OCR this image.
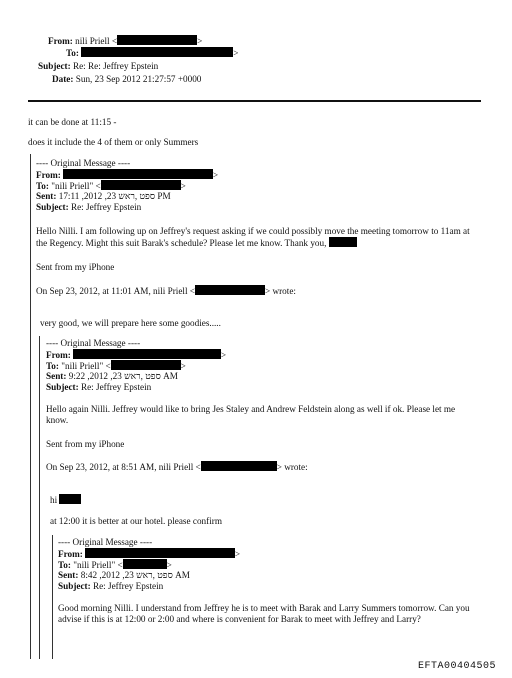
From: nili Priell <	>
To:	>
Subject: Re: Re: Jeffrey Epstein
Date: Sun, 23 Sep 2012 21:27:57 +0000
it can be done at 11:15 -
does it include the 4 of them or only Summers
---- Original Message ----
From:	>
To: "nili Priell" <	>
Sent: 17:11 ,2012 ,23 ספט ,ראש PM
Subject: Re: Jeffrey Epstein
Hello Nilli. I am following up on Jeffrey's request asking if we could possibly move the meeting tomorrow to 11am at the Regency. Might this suit Barak's schedule? Please let me know. Thank you,
Sent from my iPhone
On Sep 23, 2012, at 11:01 AM, nili Priell <	> wrote:
very good, we will prepare here some goodies.....
---- Original Message ----
From:	>
To: "nili Priell" <	>
Sent: 9:22 ,2012 ,23 ספט ,ראש AM
Subject: Re: Jeffrey Epstein
Hello again Nilli. Jeffrey would like to bring Jes Staley and Andrew Feldstein along as well if ok. Please let me know.
Sent from my iPhone
On Sep 23, 2012, at 8:51 AM, nili Priell <	> wrote:
hi
at 12:00 it is better at our hotel. please confirm
---- Original Message ----
From:	>
To: "nili Priell" <	>
Sent: 8:42 ,2012 ,23 ספט ,ראש AM
Subject: Re: Jeffrey Epstein
Good morning Nilli. I understand from Jeffrey he is to meet with Barak and Larry Summers tomorrow. Can you advise if this is at 12:00 or 2:00 and where is convenient for Barak to meet with Jeffrey and Larry?
EFTA00404505
